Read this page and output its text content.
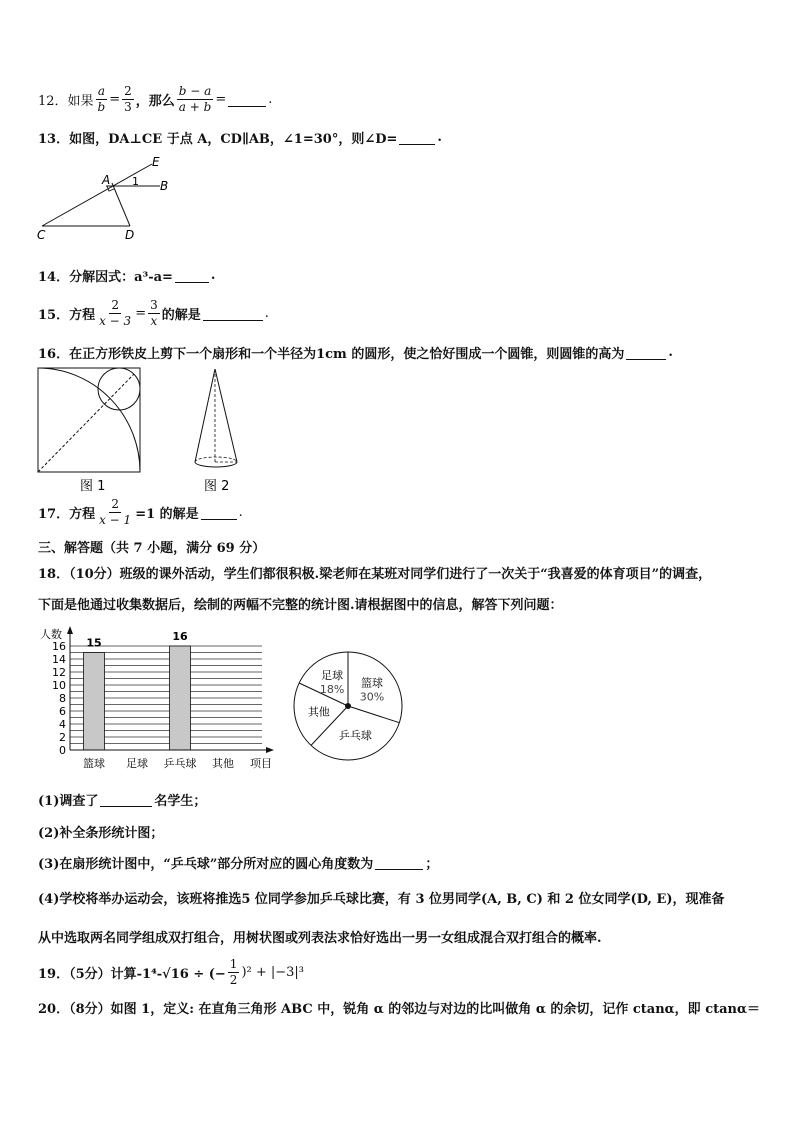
12．如果 $\frac{a}{b} = \frac{2}{3}$ ，那么 $\frac{b - a}{a + b}$ =	.
13．如图，DA⊥CE 于点 A，CD∥AB，∠1=30°，则∠D=	.
E
A 1 B
C	D
14．分解因式：a³-a=	.
15．方程 $\frac{2}{x - 3} = \frac{3}{x}$ 的解是	.
16．在正方形铁皮上剪下一个扇形和一个半径为1cm 的圆形，使之恰好围成一个圆锥，则圆锥的高为	.
图 1	图 2
17．方程 $\frac{2}{x - 1} =1$ 的解是	.
三、解答题（共 7 小题，满分 69 分）
18．（10分）班级的课外活动，学生们都很积极.梁老师在某班对同学们进行了一次关于“我喜爱的体育项目”的调查，
下面是他通过收集数据后，绘制的两幅不完整的统计图.请根据图中的信息，解答下列问题：
15	16
0
2
4
6
8
10
12
14
16
篮球 足球 乒乓球 其他
人数
项目
足球
18% 篮球
30%
乒乓球
其他
(1)调查了	名学生；
(2)补全条形统计图；
(3)在扇形统计图中，“乒乓球”部分所对应的圆心角度数为	；
(4)学校将举办运动会，该班将推选5 位同学参加乒乓球比赛，有 3 位男同学(A, B, C) 和 2 位女同学(D, E)，现准备
从中选取两名同学组成双打组合，用树状图或列表法求恰好选出一男一女组成混合双打组合的概率.
19．（5分）计算-1⁴-√16 ÷ (− $\frac{1}{2} )^2 + |-3|^3$
20．（8分）如图 1，定义: 在直角三角形 ABC 中，锐角 α 的邻边与对边的比叫做角 α 的余切，记作 ctanα，即 ctanα＝
